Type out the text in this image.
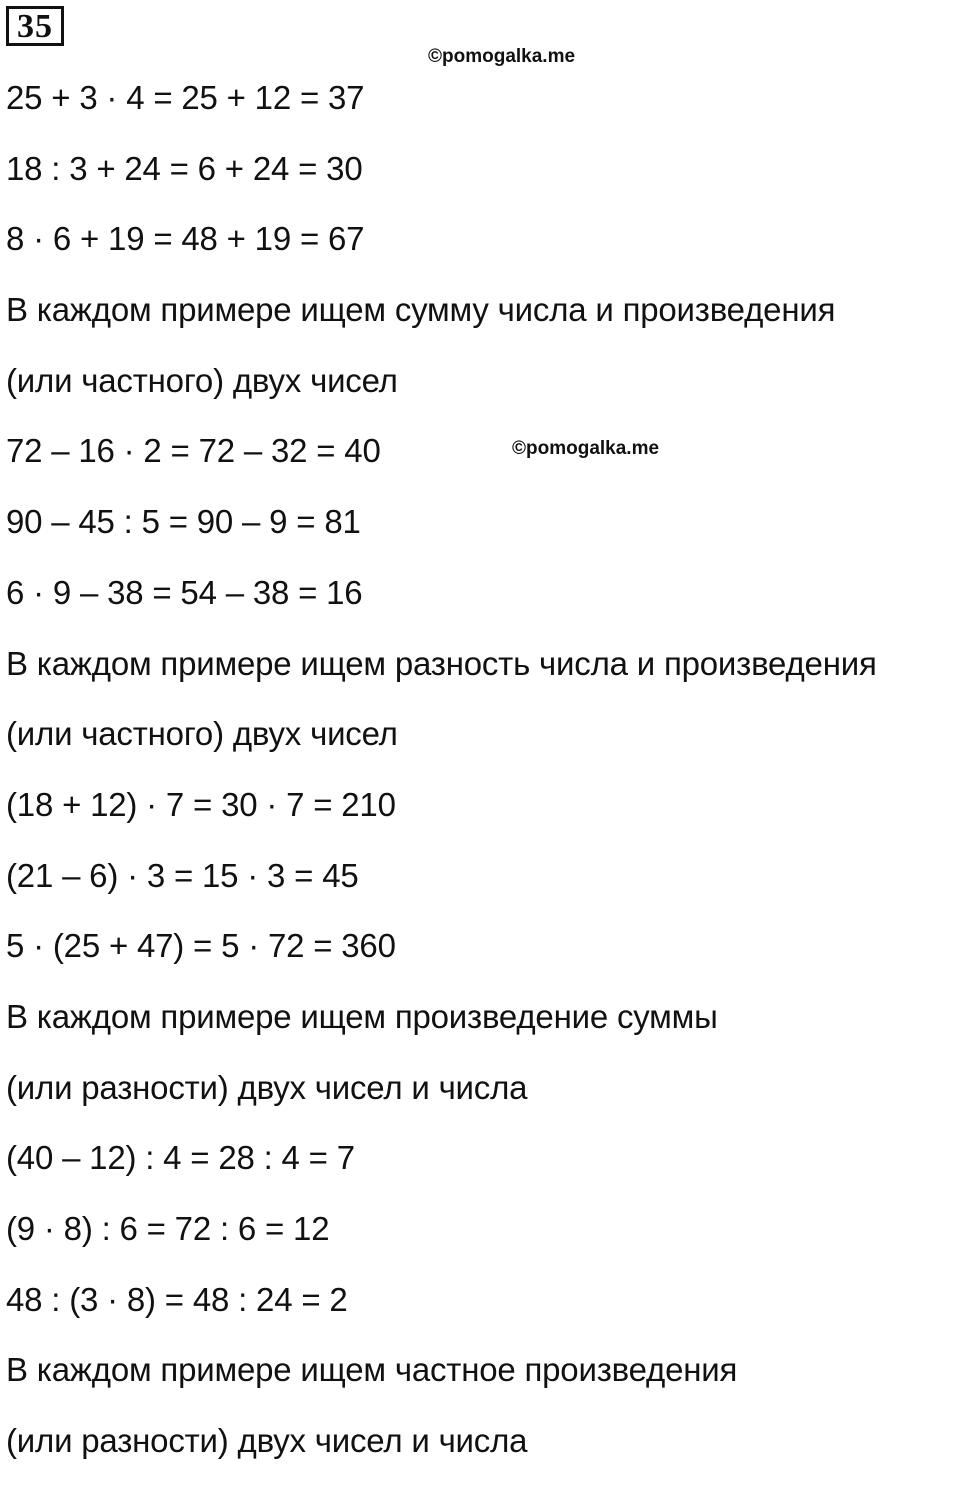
35
©pomogalka.me
©pomogalka.me
25 + 3 · 4 = 25 + 12 = 37
18 : 3 + 24 = 6 + 24 = 30
8 · 6 + 19 = 48 + 19 = 67
В каждом примере ищем сумму числа и произведения
(или частного) двух чисел
72 – 16 · 2 = 72 – 32 = 40
90 – 45 : 5 = 90 – 9 = 81
6 · 9 – 38 = 54 – 38 = 16
В каждом примере ищем разность числа и произведения
(или частного) двух чисел
(18 + 12) · 7 = 30 · 7 = 210
(21 – 6) · 3 = 15 · 3 = 45
5 · (25 + 47) = 5 · 72 = 360
В каждом примере ищем произведение суммы
(или разности) двух чисел и числа
(40 – 12) : 4 = 28 : 4 = 7
(9 · 8) : 6 = 72 : 6 = 12
48 : (3 · 8) = 48 : 24 = 2
В каждом примере ищем частное произведения
(или разности) двух чисел и числа
